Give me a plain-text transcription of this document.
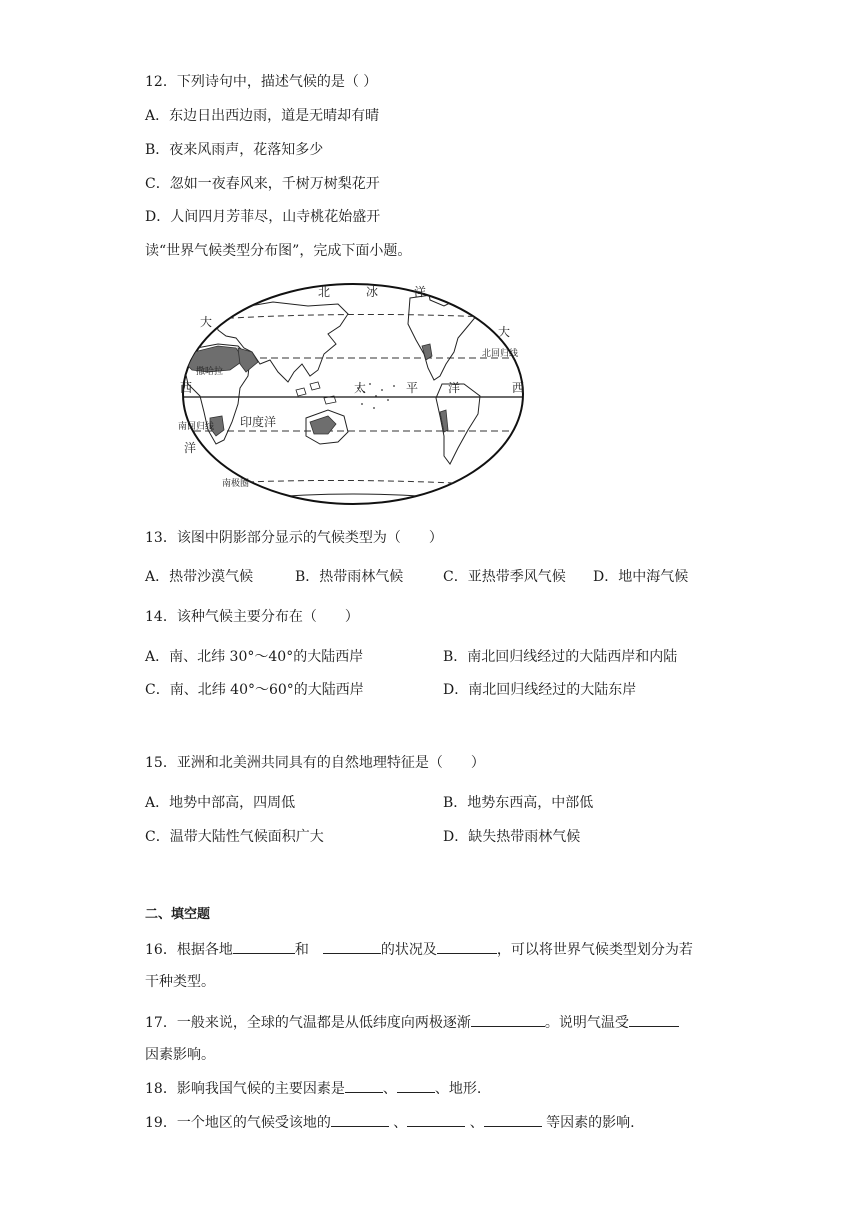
12．下列诗句中，描述气候的是（ ）
A．东边日出西边雨，道是无晴却有晴
B．夜来风雨声，花落知多少
C．忽如一夜春风来，千树万树梨花开
D．人间四月芳菲尽，山寺桃花始盛开
读“世界气候类型分布图”，完成下面小题。
北	冰	洋
大
大
北回归线
撒哈拉
西	西
太	平 洋
印度洋
南回归线
洋
南极圈
13．该图中阴影部分显示的气候类型为（　　）
A．热带沙漠气候	B．热带雨林气候	C．亚热带季风气候 D．地中海气候
14．该种气候主要分布在（　　）
A．南、北纬 30°～40°的大陆西岸	B．南北回归线经过的大陆西岸和内陆
C．南、北纬 40°～60°的大陆西岸	D．南北回归线经过的大陆东岸
15．亚洲和北美洲共同具有的自然地理特征是（　　）
A．地势中部高，四周低	B．地势东西高，中部低
C．温带大陆性气候面积广大	D．缺失热带雨林气候
二、填空题
16．根据各地	和　	的状况及	，可以将世界气候类型划分为若
干种类型。
17．一般来说，全球的气温都是从低纬度向两极逐渐	。说明气温受
因素影响。
18．影响我国气候的主要因素是	、	、地形.
19．一个地区的气候受该地的	、	、	等因素的影响.
